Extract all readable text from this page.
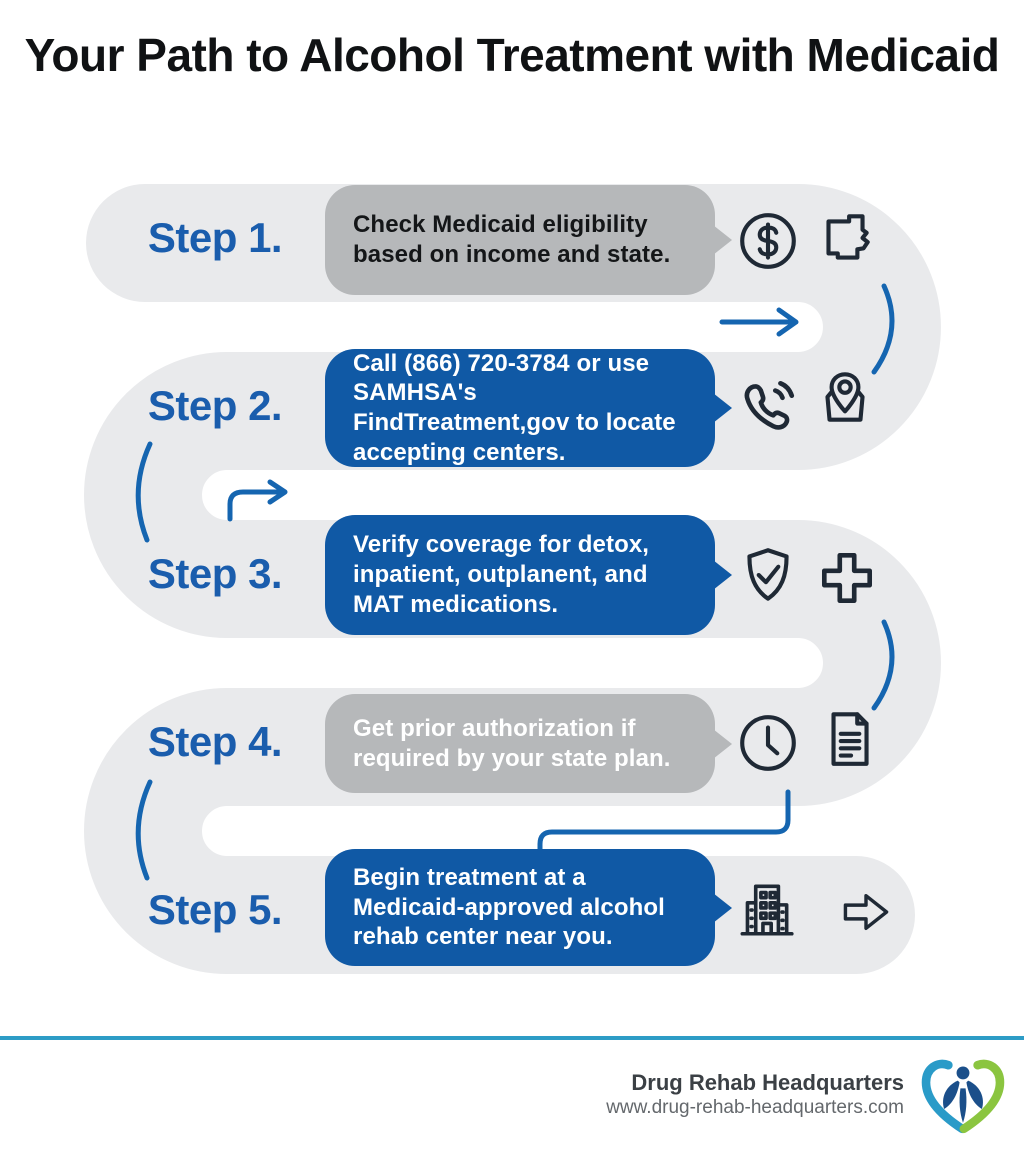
Your Path to Alcohol Treatment with Medicaid
Step 1.
Step 2.
Step 3.
Step 4.
Step 5.
Check Medicaid eligibility based on income and state.
Call (866) 720-3784 or use SAMHSA's FindTreatment,gov to locate accepting centers.
Verify coverage for detox, inpatient, outplanent, and MAT medications.
Get prior authorization if required by your state plan.
Begin treatment at a Medicaid-approved alcohol rehab center near you.
Drug Rehab Headquarters
www.drug-rehab-headquarters.com
